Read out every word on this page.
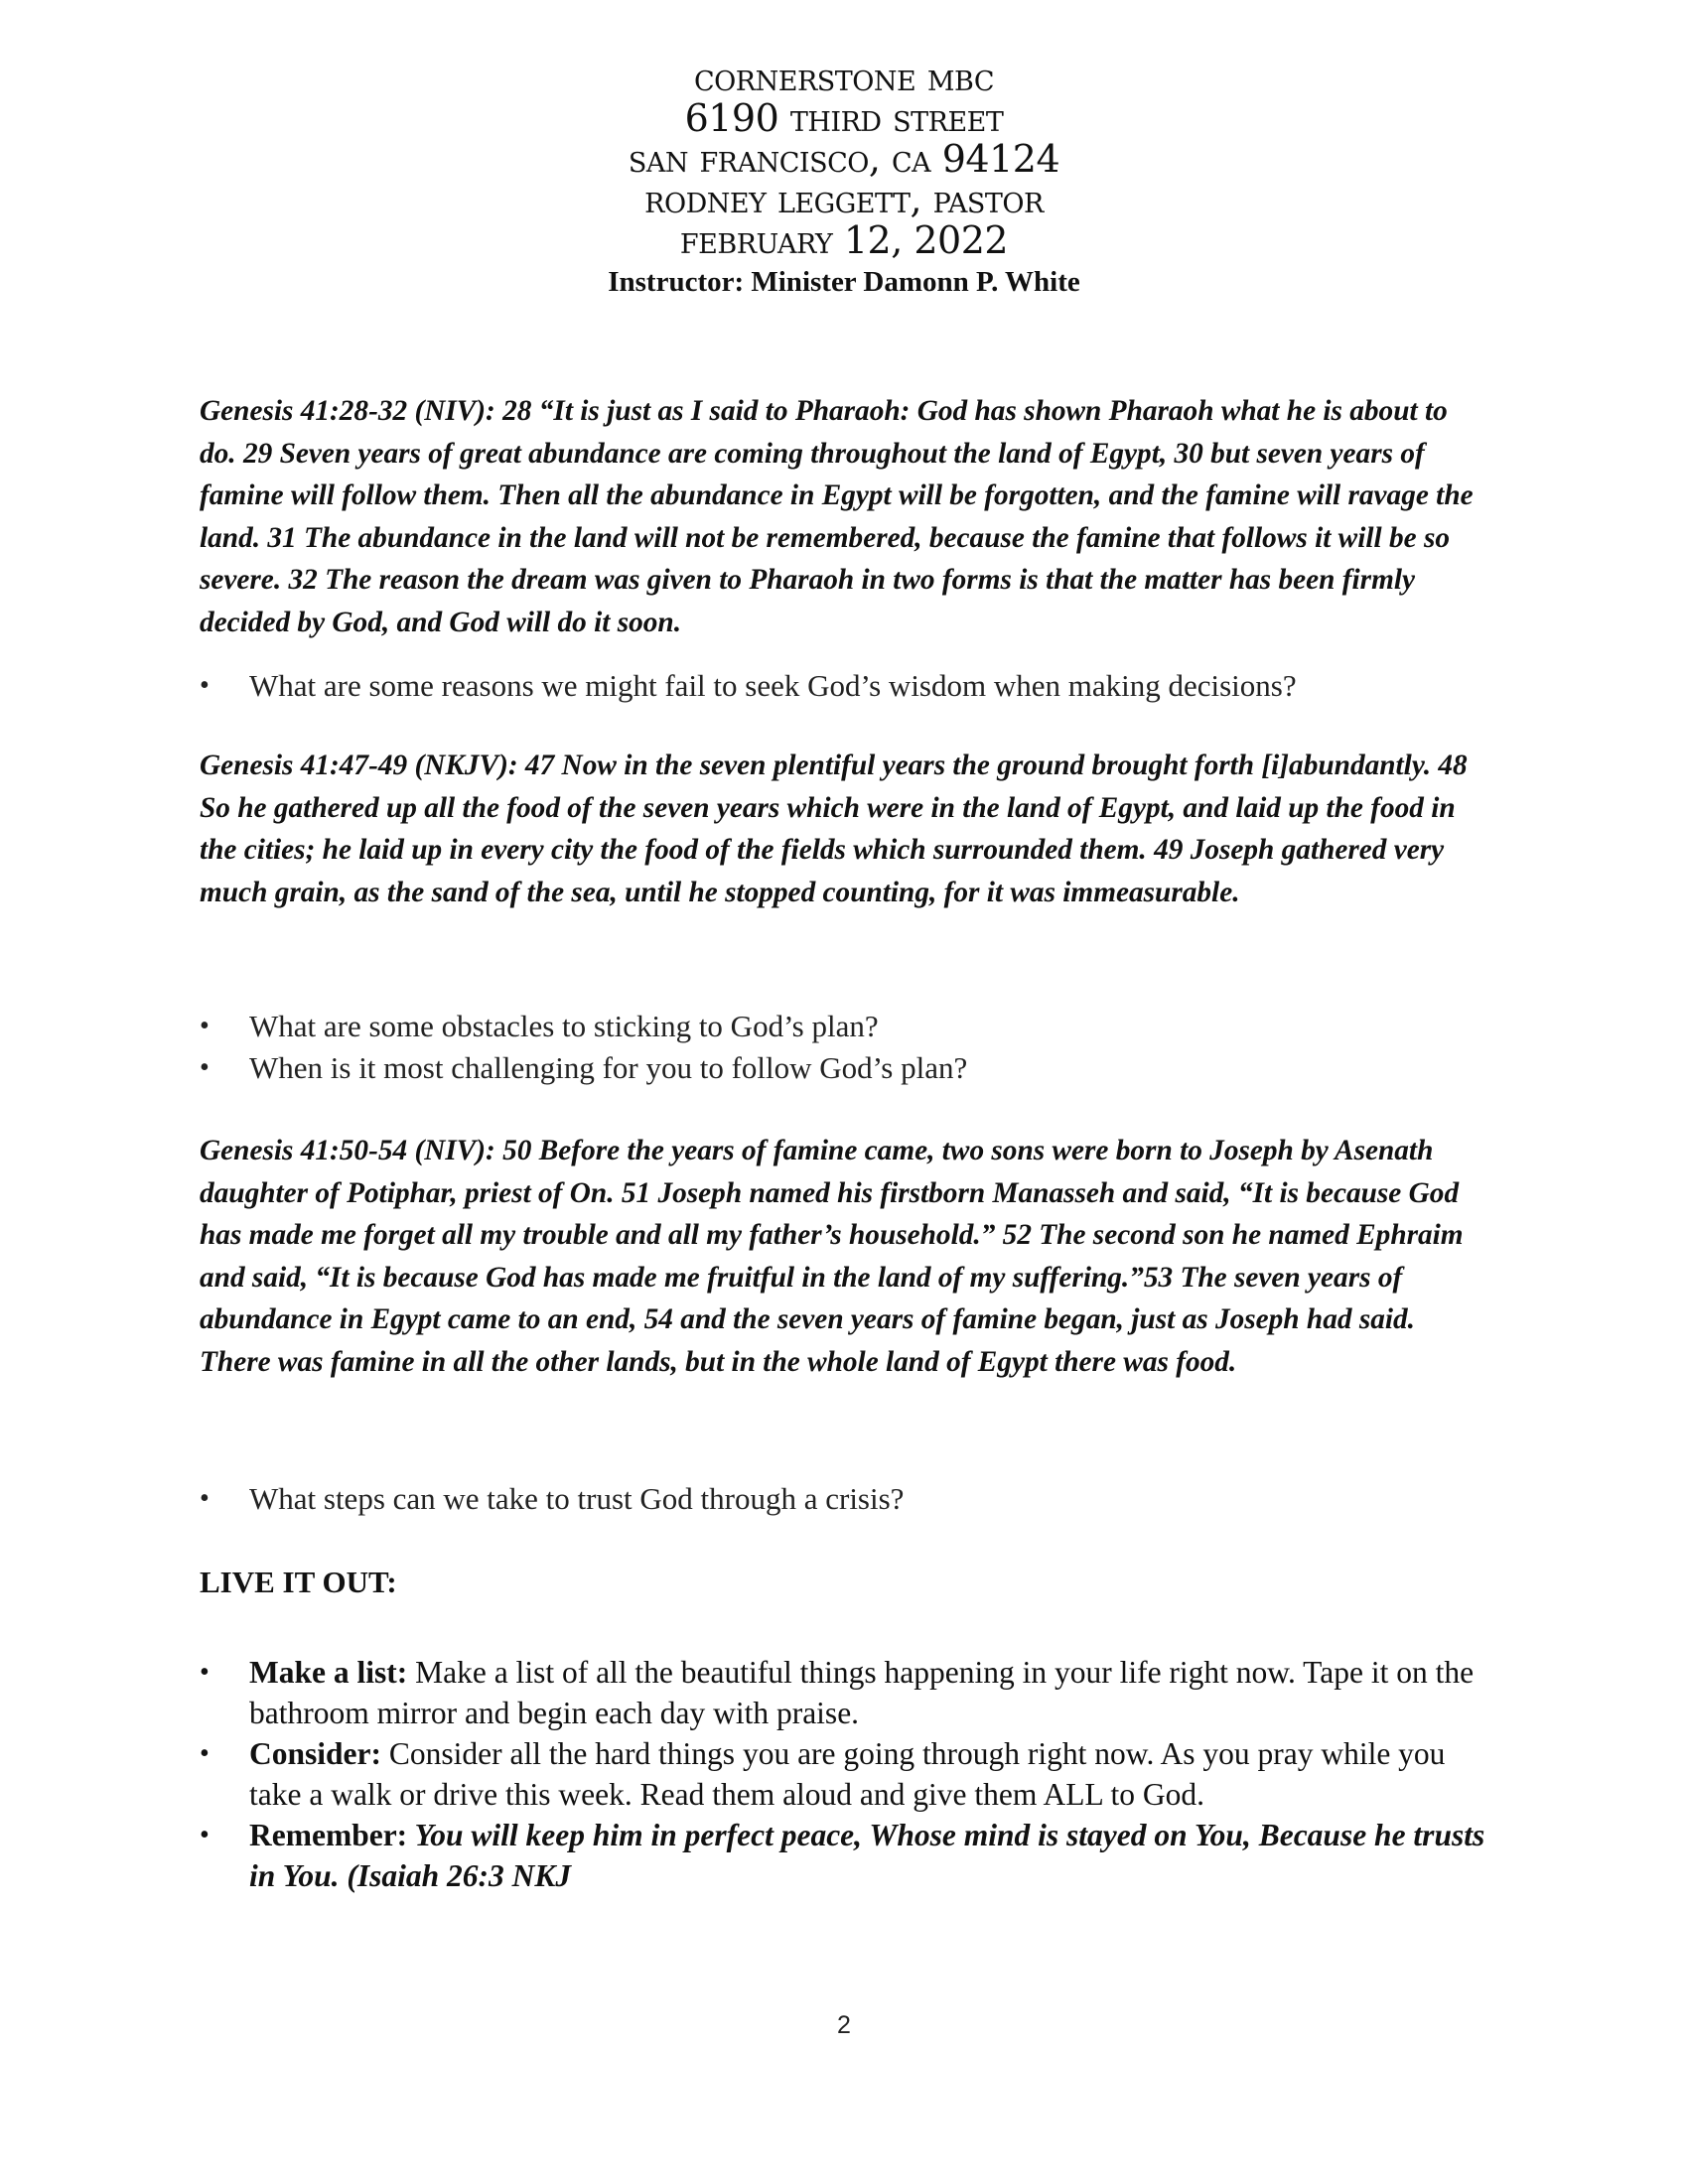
cornerstone mbc
6190 third street
san francisco, ca 94124
rodney leggett, pastor
february 12, 2022
Instructor: Minister Damonn P. White

Genesis 41:28-32 (NIV): 28 “It is just as I said to Pharaoh: God has shown Pharaoh what he is about to do. 29 Seven years of great abundance are coming throughout the land of Egypt, 30 but seven years of famine will follow them. Then all the abundance in Egypt will be forgotten, and the famine will ravage the land. 31 The abundance in the land will not be remembered, because the famine that follows it will be so severe. 32 The reason the dream was given to Pharaoh in two forms is that the matter has been firmly decided by God, and God will do it soon.

•	What are some reasons we might fail to seek God’s wisdom when making decisions?

Genesis 41:47-49 (NKJV): 47 Now in the seven plentiful years the ground brought forth [i]abundantly. 48 So he gathered up all the food of the seven years which were in the land of Egypt, and laid up the food in the cities; he laid up in every city the food of the fields which surrounded them. 49 Joseph gathered very much grain, as the sand of the sea, until he stopped counting, for it was immeasurable.

•	What are some obstacles to sticking to God’s plan?
•	When is it most challenging for you to follow God’s plan?

Genesis 41:50-54 (NIV): 50 Before the years of famine came, two sons were born to Joseph by Asenath daughter of Potiphar, priest of On. 51 Joseph named his firstborn Manasseh and said, “It is because God has made me forget all my trouble and all my father’s household.” 52 The second son he named Ephraim and said, “It is because God has made me fruitful in the land of my suffering.”53 The seven years of abundance in Egypt came to an end, 54 and the seven years of famine began, just as Joseph had said. There was famine in all the other lands, but in the whole land of Egypt there was food.

•	What steps can we take to trust God through a crisis?

LIVE IT OUT:

•	Make a list: Make a list of all the beautiful things happening in your life right now. Tape it on the bathroom mirror and begin each day with praise.
•	Consider: Consider all the hard things you are going through right now. As you pray while you take a walk or drive this week. Read them aloud and give them ALL to God.
•	Remember: You will keep him in perfect peace, Whose mind is stayed on You, Because he trusts in You. (Isaiah 26:3 NKJ
2
